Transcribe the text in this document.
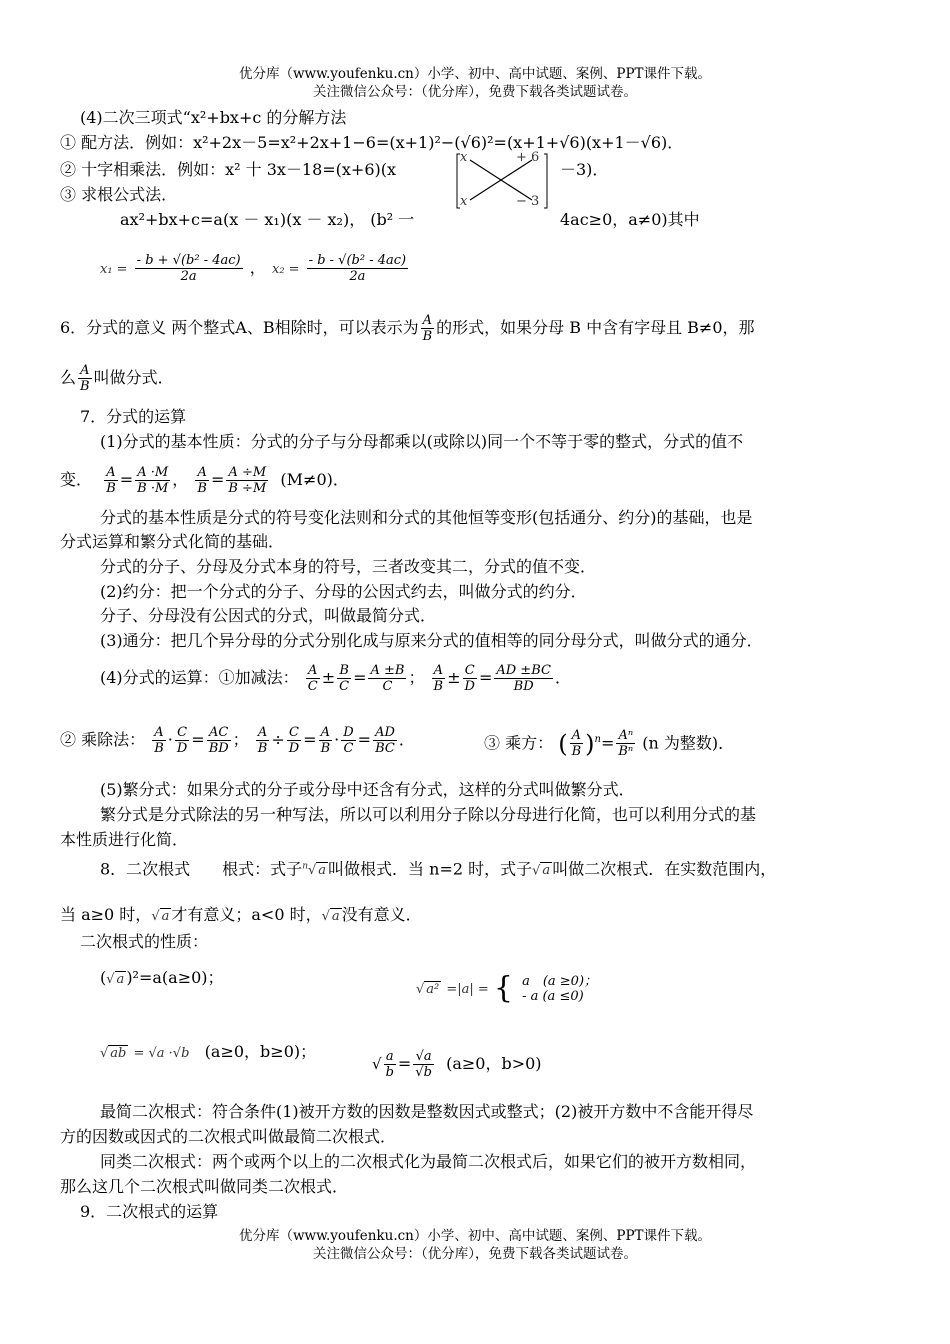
优分库（www.youfenku.cn）小学、初中、高中试题、案例、PPT课件下载。
关注微信公众号：（优分库），免费下载各类试题试卷。
(4)二次三项式“x²+bx+c 的分解方法
① 配方法．例如：x²+2x－5=x²+2x+1−6=(x+1)²−(√6)²=(x+1+√6)(x+1－√6)．
② 十字相乘法．例如：x² 十 3x－18=(x+6)(x
x	+ 6
x	− 3
－3)．
③ 求根公式法．
ax²+bx+c=a(x － x₁)(x － x₂)， (b² 一	4ac≥0，a≠0)其中
$x_1 = \frac{\text{- b + √(b² - 4ac)}}{2a}$ ， $x_2 = \frac{\text{- b - √(b² - 4ac)}}{2a}$
6．分式的意义 两个整式A、B相除时，可以表示为 $\frac{A}{B}$ 的形式，如果分母 B 中含有字母且 B≠0，那
么 $\frac{A}{B}$ 叫做分式．
7．分式的运算
(1)分式的基本性质：分式的分子与分母都乘以(或除以)同一个不等于零的整式，分式的值不
变． $\frac{A}{B} = \frac{A \cdot M}{B \cdot M}$ ， $\frac{A}{B} = \frac{A \div M}{B \div M} (M\ne 0)$．
分式的基本性质是分式的符号变化法则和分式的其他恒等变形(包括通分、约分)的基础，也是
分式运算和繁分式化简的基础．
分式的分子、分母及分式本身的符号，三者改变其二，分式的值不变．
(2)约分：把一个分式的分子、分母的公因式约去，叫做分式的约分．
分子、分母没有公因式的分式，叫做最简分式．
(3)通分：把几个异分母的分式分别化成与原来分式的值相等的同分母分式，叫做分式的通分．
(4)分式的运算：①加减法： $\frac{A}{C} \pm \frac{B}{C} = \frac{A \pm B}{C}$ ； $\frac{A}{B} \pm \frac{C}{D} = \frac{AD \pm BC}{BD}$ ．
② 乘除法： $\frac{A}{B} \cdot \frac{C}{D} = \frac{AC}{BD}$ ； $\frac{A}{B} \div \frac{C}{D} = \frac{A}{B} \cdot \frac{D}{C} = \frac{AD}{BC}$ ．	③ 乘方： ( $\frac{A}{B} )^n= \frac{\text{Aⁿ}}{\text{Bⁿ}} (n$ 为整数)．
(5)繁分式：如果分式的分子或分母中还含有分式，这样的分式叫做繁分式．
繁分式是分式除法的另一种写法，所以可以利用分子除以分母进行化简，也可以利用分式的基
本性质进行化简．
8．二次根式　　根式：式子$^n$√ a 叫做根式．当 n=2 时，式子√ a 叫做二次根式．在实数范围内，
当 a≥0 时，√ a 才有意义；a<0 时，√ a 没有意义．
二次根式的性质：
(√ a )²=a(a≥0)；
√ a² =|a| = { a　(a ≥0)；
- a (a ≤0)
√ ab = √a ·√b (a≥0，b≥0)；
√ $\frac{a}{b} = \frac{√a}{√b} (a\ge 0$，b>0)
最简二次根式：符合条件(1)被开方数的因数是整数因式或整式；(2)被开方数中不含能开得尽
方的因数或因式的二次根式叫做最简二次根式．
同类二次根式：两个或两个以上的二次根式化为最简二次根式后，如果它们的被开方数相同，
那么这几个二次根式叫做同类二次根式．
9．二次根式的运算
优分库（www.youfenku.cn）小学、初中、高中试题、案例、PPT课件下载。
关注微信公众号：（优分库），免费下载各类试题试卷。
